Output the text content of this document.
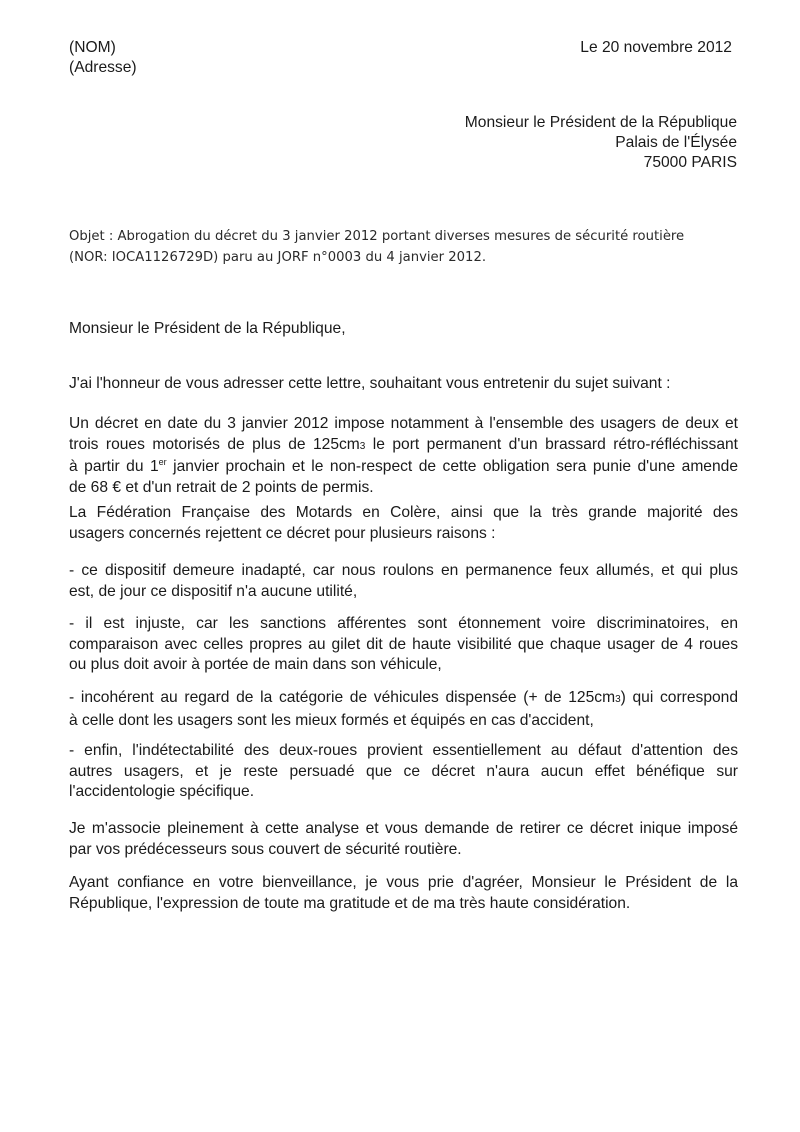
(NOM)
(Adresse)
Le 20 novembre 2012
Monsieur le Président de la République
Palais de l'Élysée
75000 PARIS
Objet : Abrogation du décret du 3 janvier 2012 portant diverses mesures de sécurité routière
(NOR: IOCA1126729D) paru au JORF n°0003 du 4 janvier 2012.
Monsieur le Président de la République,
J'ai l'honneur de vous adresser cette lettre, souhaitant vous entretenir du sujet suivant :
Un décret en date du 3 janvier 2012 impose notamment à l'ensemble des usagers de deux et
trois roues motorisés de plus de 125cm3 le port permanent d'un brassard rétro-réfléchissant
à partir du 1er janvier prochain et le non-respect de cette obligation sera punie d'une amende
de 68 € et d'un retrait de 2 points de permis.
La Fédération Française des Motards en Colère, ainsi que la très grande majorité des
usagers concernés rejettent ce décret pour plusieurs raisons :
- ce dispositif demeure inadapté, car nous roulons en permanence feux allumés, et qui plus
est, de jour ce dispositif n'a aucune utilité,
- il est injuste, car les sanctions afférentes sont étonnement voire discriminatoires, en
comparaison avec celles propres au gilet dit de haute visibilité que chaque usager de 4 roues
ou plus doit avoir à portée de main dans son véhicule,
- incohérent au regard de la catégorie de véhicules dispensée (+ de 125cm3) qui correspond
à celle dont les usagers sont les mieux formés et équipés en cas d'accident,
- enfin, l'indétectabilité des deux-roues provient essentiellement au défaut d'attention des
autres usagers, et je reste persuadé que ce décret n'aura aucun effet bénéfique sur
l'accidentologie spécifique.
Je m'associe pleinement à cette analyse et vous demande de retirer ce décret inique imposé
par vos prédécesseurs sous couvert de sécurité routière.
Ayant confiance en votre bienveillance, je vous prie d'agréer, Monsieur le Président de la
République, l'expression de toute ma gratitude et de ma très haute considération.
